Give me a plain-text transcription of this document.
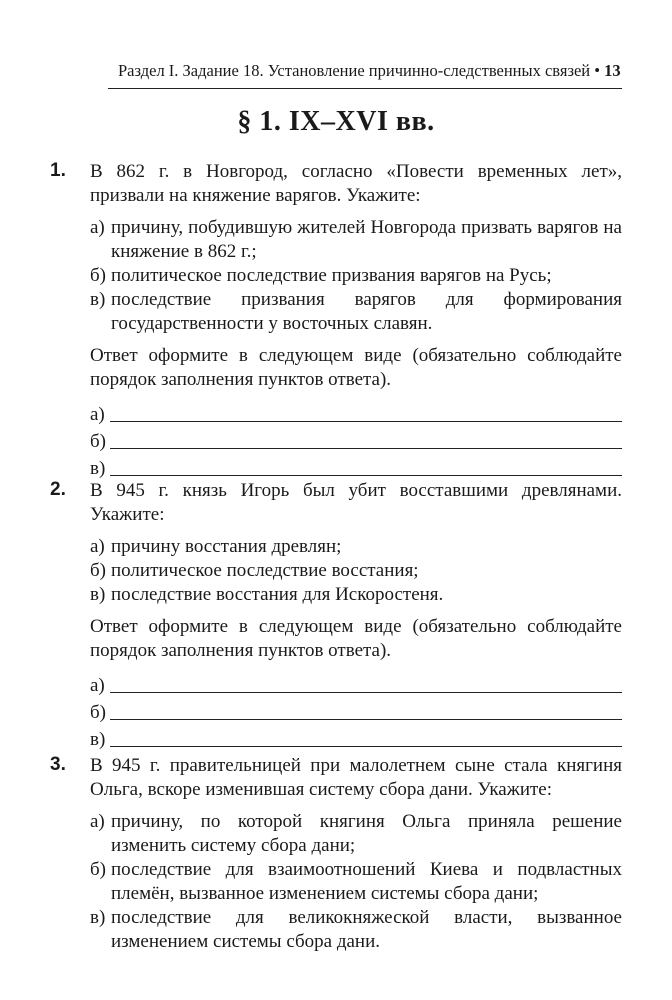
Раздел I. Задание 18. Установление причинно-следственных связей • 13
§ 1. IX–XVI вв.
1. В 862 г. в Новгород, согласно «Повести временных лет», призвали на княжение варягов. Укажите:

а) причину, побудившую жителей Новгорода призвать варягов на княжение в 862 г.;
б) политическое последствие призвания варягов на Русь;
в) последствие призвания варягов для формирования государственности у восточных славян.

Ответ оформите в следующем виде (обязательно соблюдайте порядок заполнения пунктов ответа).

а)
б)
в)
2. В 945 г. князь Игорь был убит восставшими древлянами. Укажите:

а) причину восстания древлян;
б) политическое последствие восстания;
в) последствие восстания для Искоростеня.

Ответ оформите в следующем виде (обязательно соблюдайте порядок заполнения пунктов ответа).

а)
б)
в)
3. В 945 г. правительницей при малолетнем сыне стала княгиня Ольга, вскоре изменившая систему сбора дани. Укажите:

а) причину, по которой княгиня Ольга приняла решение изменить систему сбора дани;
б) последствие для взаимоотношений Киева и подвластных племён, вызванное изменением системы сбора дани;
в) последствие для великокняжеской власти, вызванное изменением системы сбора дани.
